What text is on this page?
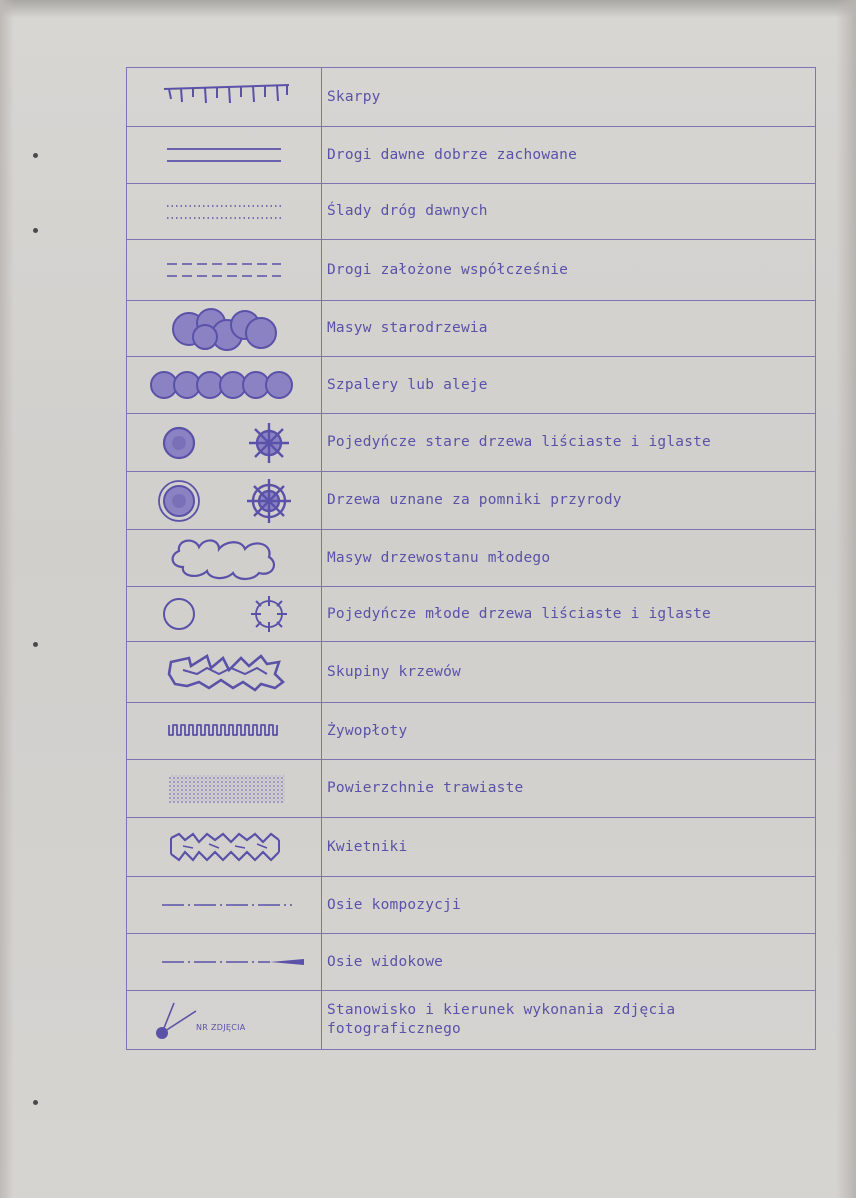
	Skarpy

	Drogi dawne dobrze zachowane

	Ślady dróg dawnych

	Drogi założone współcześnie

	Masyw starodrzewia

	Szpalery lub aleje

	Pojedyńcze stare drzewa liściaste i iglaste

	Drzewa uznane za pomniki przyrody

	Masyw drzewostanu młodego

	Pojedyńcze młode drzewa liściaste i iglaste

	Skupiny krzewów

	Żywopłoty

	Powierzchnie trawiaste

	Kwietniki

	Osie kompozycji

	Osie widokowe

NR ZDJĘCIA	Stanowisko i kierunek wykonania zdjęcia fotograficznego
